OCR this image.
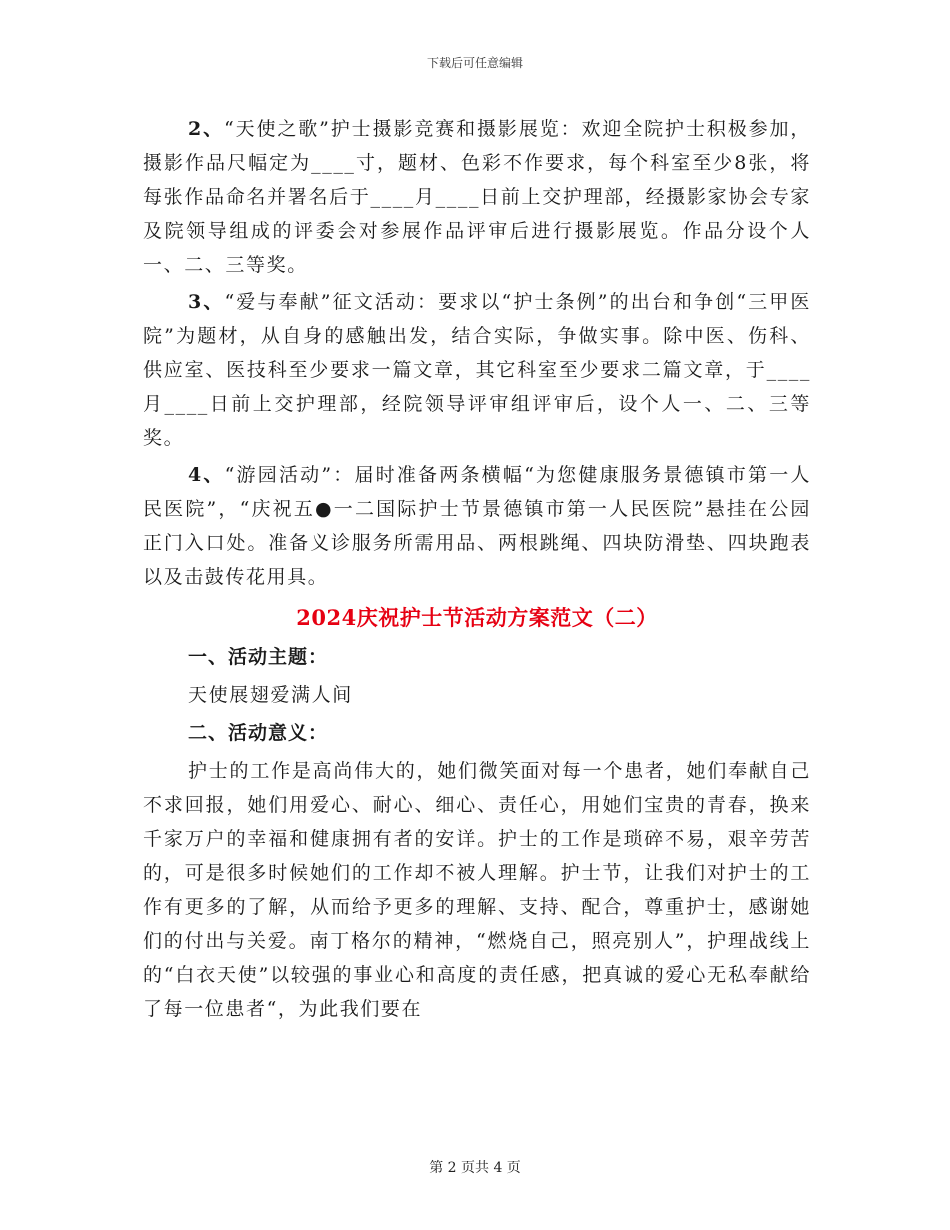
下载后可任意编辑

2、“天使之歌”护士摄影竞赛和摄影展览：欢迎全院护士积极参加，摄影作品尺幅定为____寸，题材、色彩不作要求，每个科室至少8张，将每张作品命名并署名后于____月____日前上交护理部，经摄影家协会专家及院领导组成的评委会对参展作品评审后进行摄影展览。作品分设个人一、二、三等奖。

3、“爱与奉献”征文活动：要求以“护士条例”的出台和争创“三甲医院”为题材，从自身的感触出发，结合实际，争做实事。除中医、伤科、供应室、医技科至少要求一篇文章，其它科室至少要求二篇文章，于____月____日前上交护理部，经院领导评审组评审后，设个人一、二、三等奖。

4、“游园活动”：届时准备两条横幅“为您健康服务景德镇市第一人民医院”，“庆祝五●一二国际护士节景德镇市第一人民医院”悬挂在公园正门入口处。准备义诊服务所需用品、两根跳绳、四块防滑垫、四块跑表以及击鼓传花用具。

2024庆祝护士节活动方案范文（二）
一、活动主题：
天使展翅爱满人间
二、活动意义：

护士的工作是高尚伟大的，她们微笑面对每一个患者，她们奉献自己不求回报，她们用爱心、耐心、细心、责任心，用她们宝贵的青春，换来千家万户的幸福和健康拥有者的安详。护士的工作是琐碎不易，艰辛劳苦的，可是很多时候她们的工作却不被人理解。护士节，让我们对护士的工作有更多的了解，从而给予更多的理解、支持、配合，尊重护士，感谢她们的付出与关爱。南丁格尔的精神，“燃烧自己，照亮别人”，护理战线上的“白衣天使”以较强的事业心和高度的责任感，把真诚的爱心无私奉献给了每一位患者“，为此我们要在

第 2 页共 4 页
